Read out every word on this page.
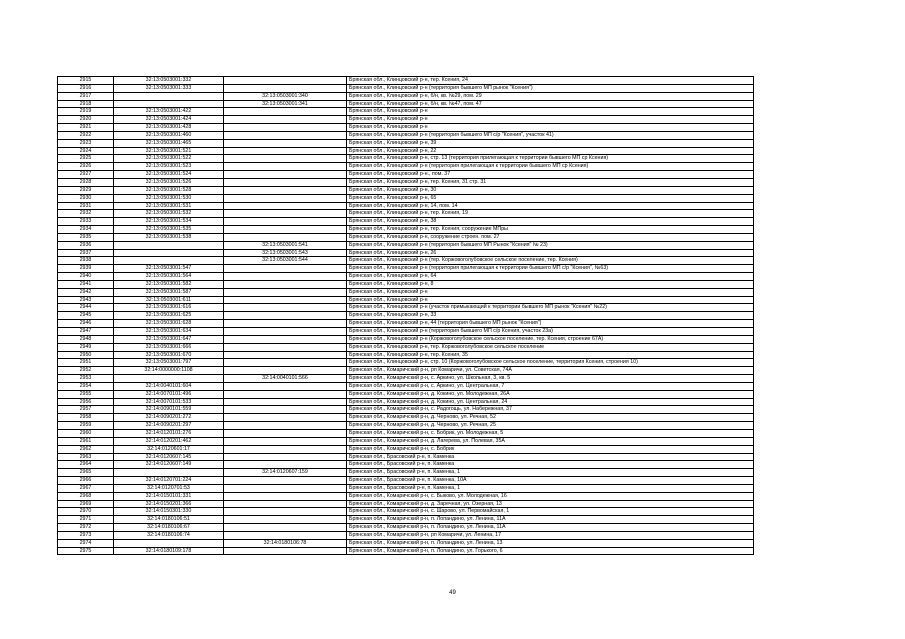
2915	32:13:0503001:332		Брянская обл., Клинцовский р-н, тер. Ксения, 24
2916	32:13:0503001:333		Брянская обл., Клинцовский р-н (территория бывшего МП рынок "Ксения")
2917		32:13:0503001:340	Брянская обл., Клинцовский р-н, б/н, кв. №29, пом. 29
2918		32:13:0503001:341	Брянская обл., Клинцовский р-н, б/н, кв. №47, пом. 47
2919	32:13:0503001:422		Брянская обл., Клинцовский р-н
2920	32:13:0503001:424		Брянская обл., Клинцовский р-н
2921	32:13:0503001:428		Брянская обл., Клинцовский р-н
2922	32:13:0503001:460		Брянская обл., Клинцовский р-н (территория бывшего МП с/р "Ксения", участок 41)
2923	32:13:0503001:465		Брянская обл., Клинцовский р-н, 39
2924	32:13:0503001:521		Брянская обл., Клинцовский р-н, 22
2925	32:13:0503001:522		Брянская обл., Клинцовский р-н, стр. 13 (территория прилегающая к территории бывшего МП ср Ксения)
2926	32:13:0503001:523		Брянская обл., Клинцовский р-н (территория прилегающая к территории бывшего МП ср Ксения)
2927	32:13:0503001:524		Брянская обл., Клинцовский р-н., пом. 37
2928	32:13:0503001:526		Брянская обл., Клинцовский р-н, тер. Ксения, 31 стр. 31
2929	32:13:0503001:528		Брянская обл., Клинцовский р-н, 30
2930	32:13:0503001:530		Брянская обл., Клинцовский р-н, 65
2931	32:13:0503001:531		Брянская обл., Клинцовский р-н, 14, пом. 14
2932	32:13:0503001:532		Брянская обл., Клинцовский р-н, тер. Ксения, 19
2933	32:13:0503001:534		Брянская обл., Клинцовский р-н, 38
2934	32:13:0503001:535		Брянская обл., Клинцовский р-н, тер. Ксения, сооружение МПры
2935	32:13:0503001:538		Брянская обл., Клинцовский р-н, сооружение строен. пом. 27
2936		32:13:0503001:541	Брянская обл., Клинцовский р-н (территория бывшего МП Рынок "Ксения" № 23)
2937		32:13:0503001:543	Брянская обл., Клинцовский р-н, 26
2938		32:13:0503001:544	Брянская обл., Клинцовский р-н (тер. Коржовоголубовское сельское поселение, тер. Ксения)
2939	32:13:0503001:547		Брянская обл., Клинцовский р-н (территория прилегающая к территории бывшего МП с/р "Ксения", №63)
2940	32:13:0503001:564		Брянская обл., Клинцовский р-н, 64
2941	32:13:0503001:582		Брянская обл., Клинцовский р-н, 8
2942	32:13:0503001:587		Брянская обл., Клинцовский р-н
2943	32:13:0503001:611		Брянская обл., Клинцовский р-н
2944	32:13:0503001:616		Брянская обл., Клинцовский р-н (участок примыкающий к территории бывшего МП рынок "Ксения" №22)
2945	32:13:0503001:625		Брянская обл., Клинцовский р-н, 33
2946	32:13:0503001:628		Брянская обл., Клинцовский р-н, 44 (территория бывшего МП рынок "Ксения")
2947	32:13:0503001:634		Брянская обл., Клинцовский р-н (территория бывшего МП с/р Ксения, участок 23а)
2948	32:13:0503001:647		Брянская обл., Клинцовский р-н (Коржовоголубовское сельское поселение, тер. Ксения, строение 67А)
2949	32:13:0503001:666		Брянская обл., Клинцовский р-н, тер. Коржовоголубовское сельское поселение
2950	32:13:0503001:670		Брянская обл., Клинцовский р-н, тер. Ксения, 35
2951	32:13:0503001:797		Брянская обл., Клинцовский р-н, стр. 10 (Коржовоголубовское сельское поселение, территория Ксения, строения 10)
2952	32:14:0000000:1108		Брянская обл., Комаричский р-н, рп Комаричи, ул. Советская, 74А
2953		32:14:0040101:566	Брянская обл., Комаричский р-н, с. Аркино, ул. Школьная, 3, кв. 5
2954	32:14:0040101:604		Брянская обл., Комаричский р-н, с. Аркино, ул. Центральная, 7
2955	32:14:0070101:496		Брянская обл., Комаричский р-н, д. Кокино, ул. Молодежная, 26А
2956	32:14:0070101:533		Брянская обл., Комаричский р-н, д. Кокино, ул. Центральная, 24
2957	32:14:0090101:559		Брянская обл., Комаричский р-н, с. Радогощь, ул. Набережная, 37
2958	32:14:0090201:272		Брянская обл., Комаричский р-н, д. Черново, ул. Речная, 52
2959	32:14:0090201:297		Брянская обл., Комаричский р-н, д. Черново, ул. Речная, 25
2960	32:14:0120101:276		Брянская обл., Комаричский р-н, с. Бобрик, ул. Молодежная, 5
2961	32:14:0120201:462		Брянская обл., Комаричский р-н, д. Лагерева, ул. Полевая, 35А
2962	32:14:0120601:17		Брянская обл., Комаричский р-н, с. Бобрик
2963	32:14:0120607:145		Брянская обл., Брасовский р-н, п. Каменка
2964	32:14:0120607:149		Брянская обл., Брасовский р-н, п. Каменка
2965		32:14:0120607:159	Брянская обл., Брасовский р-н, п. Каменка, 1
2966	32:14:0120701:224		Брянская обл., Брасовский р-н, п. Каменка, 10А
2967	32:14:0120701:53		Брянская обл., Брасовский р-н, п. Каменка, 1
2968	32:14:0150101:331		Брянская обл., Комаричский р-н, с. Быково, ул. Молодежная, 16
2969	32:14:0150201:366		Брянская обл., Комаричский р-н, д. Заречная, ул. Озерная, 13
2970	32:14:0150301:330		Брянская обл., Комаричский р-н, с. Шарово, ул. Первомайская, 1
2971	32:14:0180106:51		Брянская обл., Комаричский р-н, п. Лопандино, ул. Ленина, 11А
2972	32:14:0180106:67		Брянская обл., Комаричский р-н, п. Лопандино, ул. Ленина, 11А
2973	32:14:0180106:74		Брянская обл., Комаричский р-н, рп Комаричи, ул. Ленина, 17
2974		32:14:0180106:78	Брянская обл., Комаричский р-н, п. Лопандино, ул. Ленина, 13
2975	32:14:0180109:178		Брянская обл., Комаричский р-н, п. Лопандино, ул. Горького, 6
49
